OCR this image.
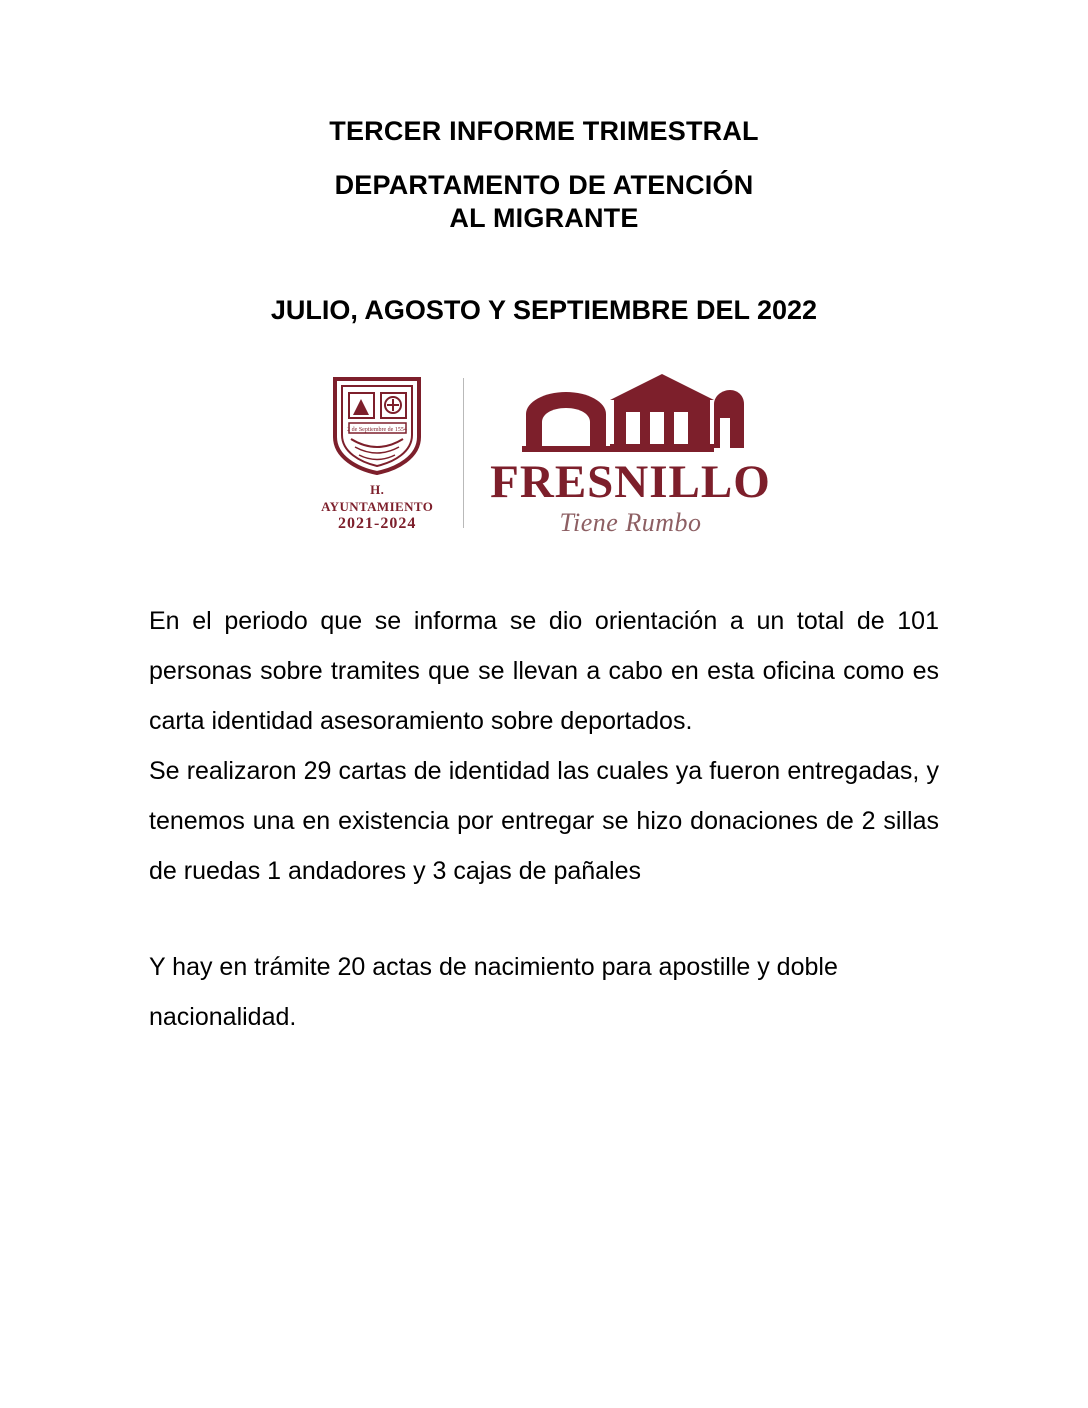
TERCER INFORME TRIMESTRAL
DEPARTAMENTO DE ATENCIÓN
AL MIGRANTE
JULIO, AGOSTO Y SEPTIEMBRE DEL 2022
2 de Septiembre de 1554
H. AYUNTAMIENTO
2021-2024
FRESNILLO
Tiene Rumbo

En el periodo que se informa se dio orientación a un total de 101 personas sobre tramites que se llevan a cabo en esta oficina como es carta identidad asesoramiento sobre deportados.

Se realizaron 29 cartas de identidad las cuales ya fueron entregadas, y tenemos una en existencia por entregar se hizo donaciones de 2 sillas de ruedas 1 andadores y 3 cajas de pañales

Y hay en trámite 20 actas de nacimiento para apostille y doble nacionalidad.
